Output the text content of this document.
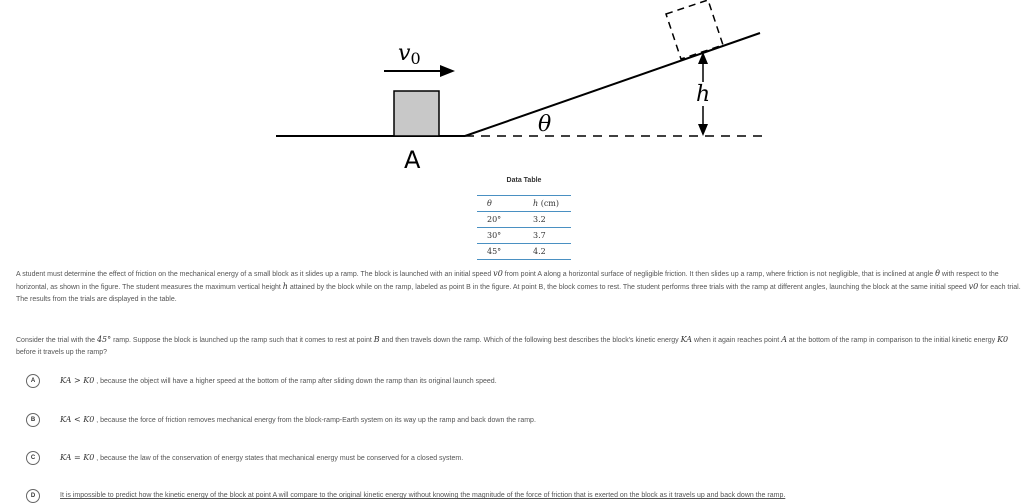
v0
A
θ
h
Data Table
θ	h (cm)
20°	3.2
30°	3.7
45°	4.2
A student must determine the effect of friction on the mechanical energy of a small block as it slides up a ramp. The block is launched with an initial speed v0 from point A along a horizontal surface of negligible friction. It then slides up a ramp, where friction is not negligible, that is inclined at angle θ with respect to the horizontal, as shown in the figure. The student measures the maximum vertical height h attained by the block while on the ramp, labeled as point B in the figure. At point B, the block comes to rest. The student performs three trials with the ramp at different angles, launching the block at the same initial speed v0 for each trial. The results from the trials are displayed in the table.
Consider the trial with the 45° ramp. Suppose the block is launched up the ramp such that it comes to rest at point B and then travels down the ramp. Which of the following best describes the block's kinetic energy KA when it again reaches point A at the bottom of the ramp in comparison to the initial kinetic energy K0 before it travels up the ramp?
A	KA > K0 , because the object will have a higher speed at the bottom of the ramp after sliding down the ramp than its original launch speed.
B	KA < K0 , because the force of friction removes mechanical energy from the block-ramp-Earth system on its way up the ramp and back down the ramp.
C	KA = K0 , because the law of the conservation of energy states that mechanical energy must be conserved for a closed system.
D	It is impossible to predict how the kinetic energy of the block at point A will compare to the original kinetic energy without knowing the magnitude of the force of friction that is exerted on the block as it travels up and back down the ramp.
